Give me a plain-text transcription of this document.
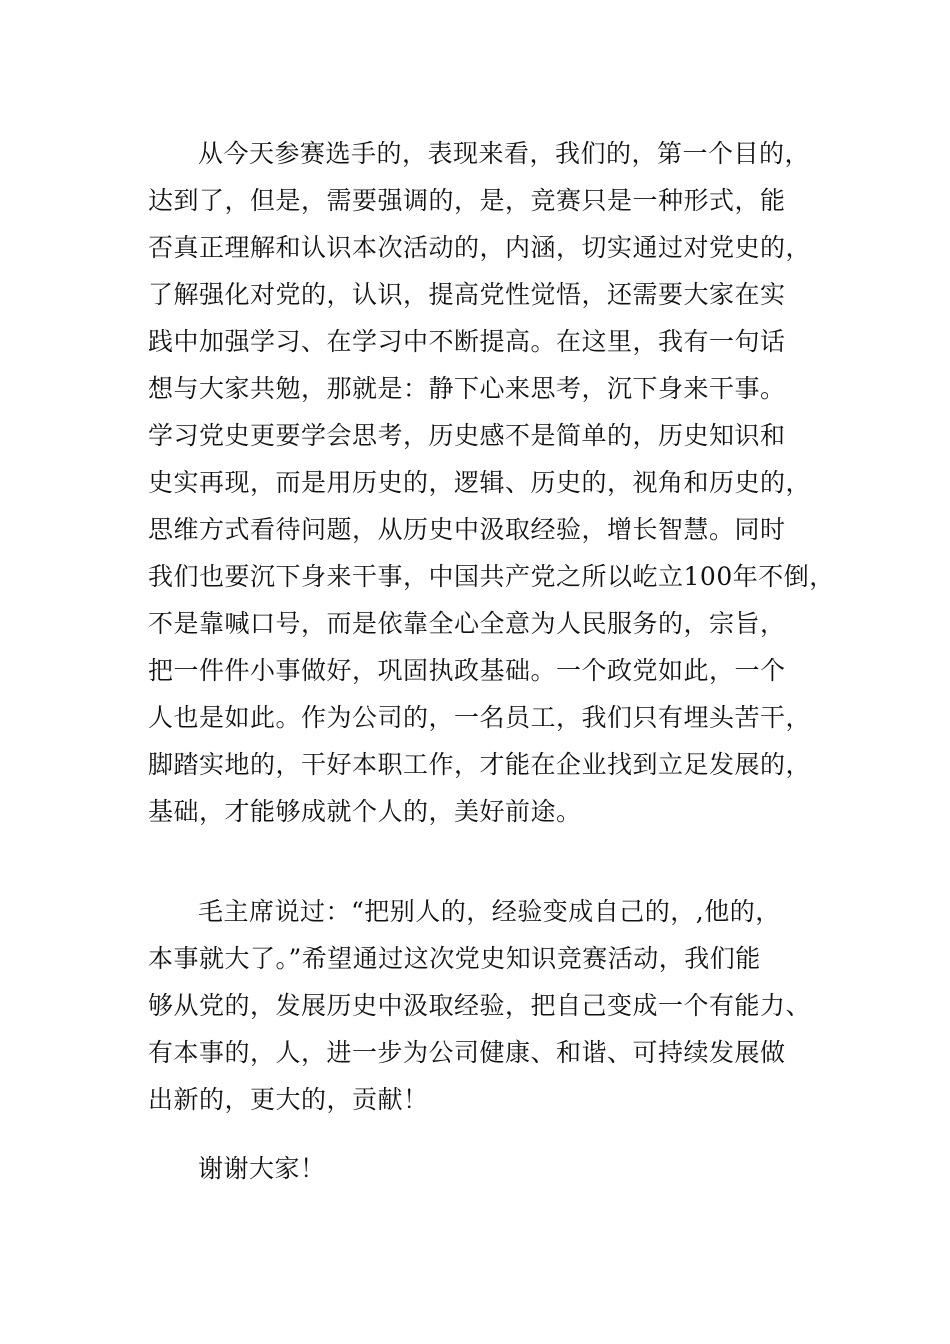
从今天参赛选手的，表现来看，我们的，第一个目的，
达到了，但是，需要强调的，是，竞赛只是一种形式，能
否真正理解和认识本次活动的，内涵，切实通过对党史的，
了解强化对党的，认识，提高党性觉悟，还需要大家在实
践中加强学习、在学习中不断提高。在这里，我有一句话
想与大家共勉，那就是：静下心来思考，沉下身来干事。
学习党史更要学会思考，历史感不是简单的，历史知识和
史实再现，而是用历史的，逻辑、历史的，视角和历史的，
思维方式看待问题，从历史中汲取经验，增长智慧。同时
我们也要沉下身来干事，中国共产党之所以屹立100年不倒，
不是靠喊口号，而是依靠全心全意为人民服务的，宗旨，
把一件件小事做好，巩固执政基础。一个政党如此，一个
人也是如此。作为公司的，一名员工，我们只有埋头苦干，
脚踏实地的，干好本职工作，才能在企业找到立足发展的，
基础，才能够成就个人的，美好前途。
毛主席说过：“把别人的，经验变成自己的，,他的，
本事就大了。”希望通过这次党史知识竞赛活动，我们能
够从党的，发展历史中汲取经验，把自己变成一个有能力、
有本事的，人，进一步为公司健康、和谐、可持续发展做
出新的，更大的，贡献！
谢谢大家！
